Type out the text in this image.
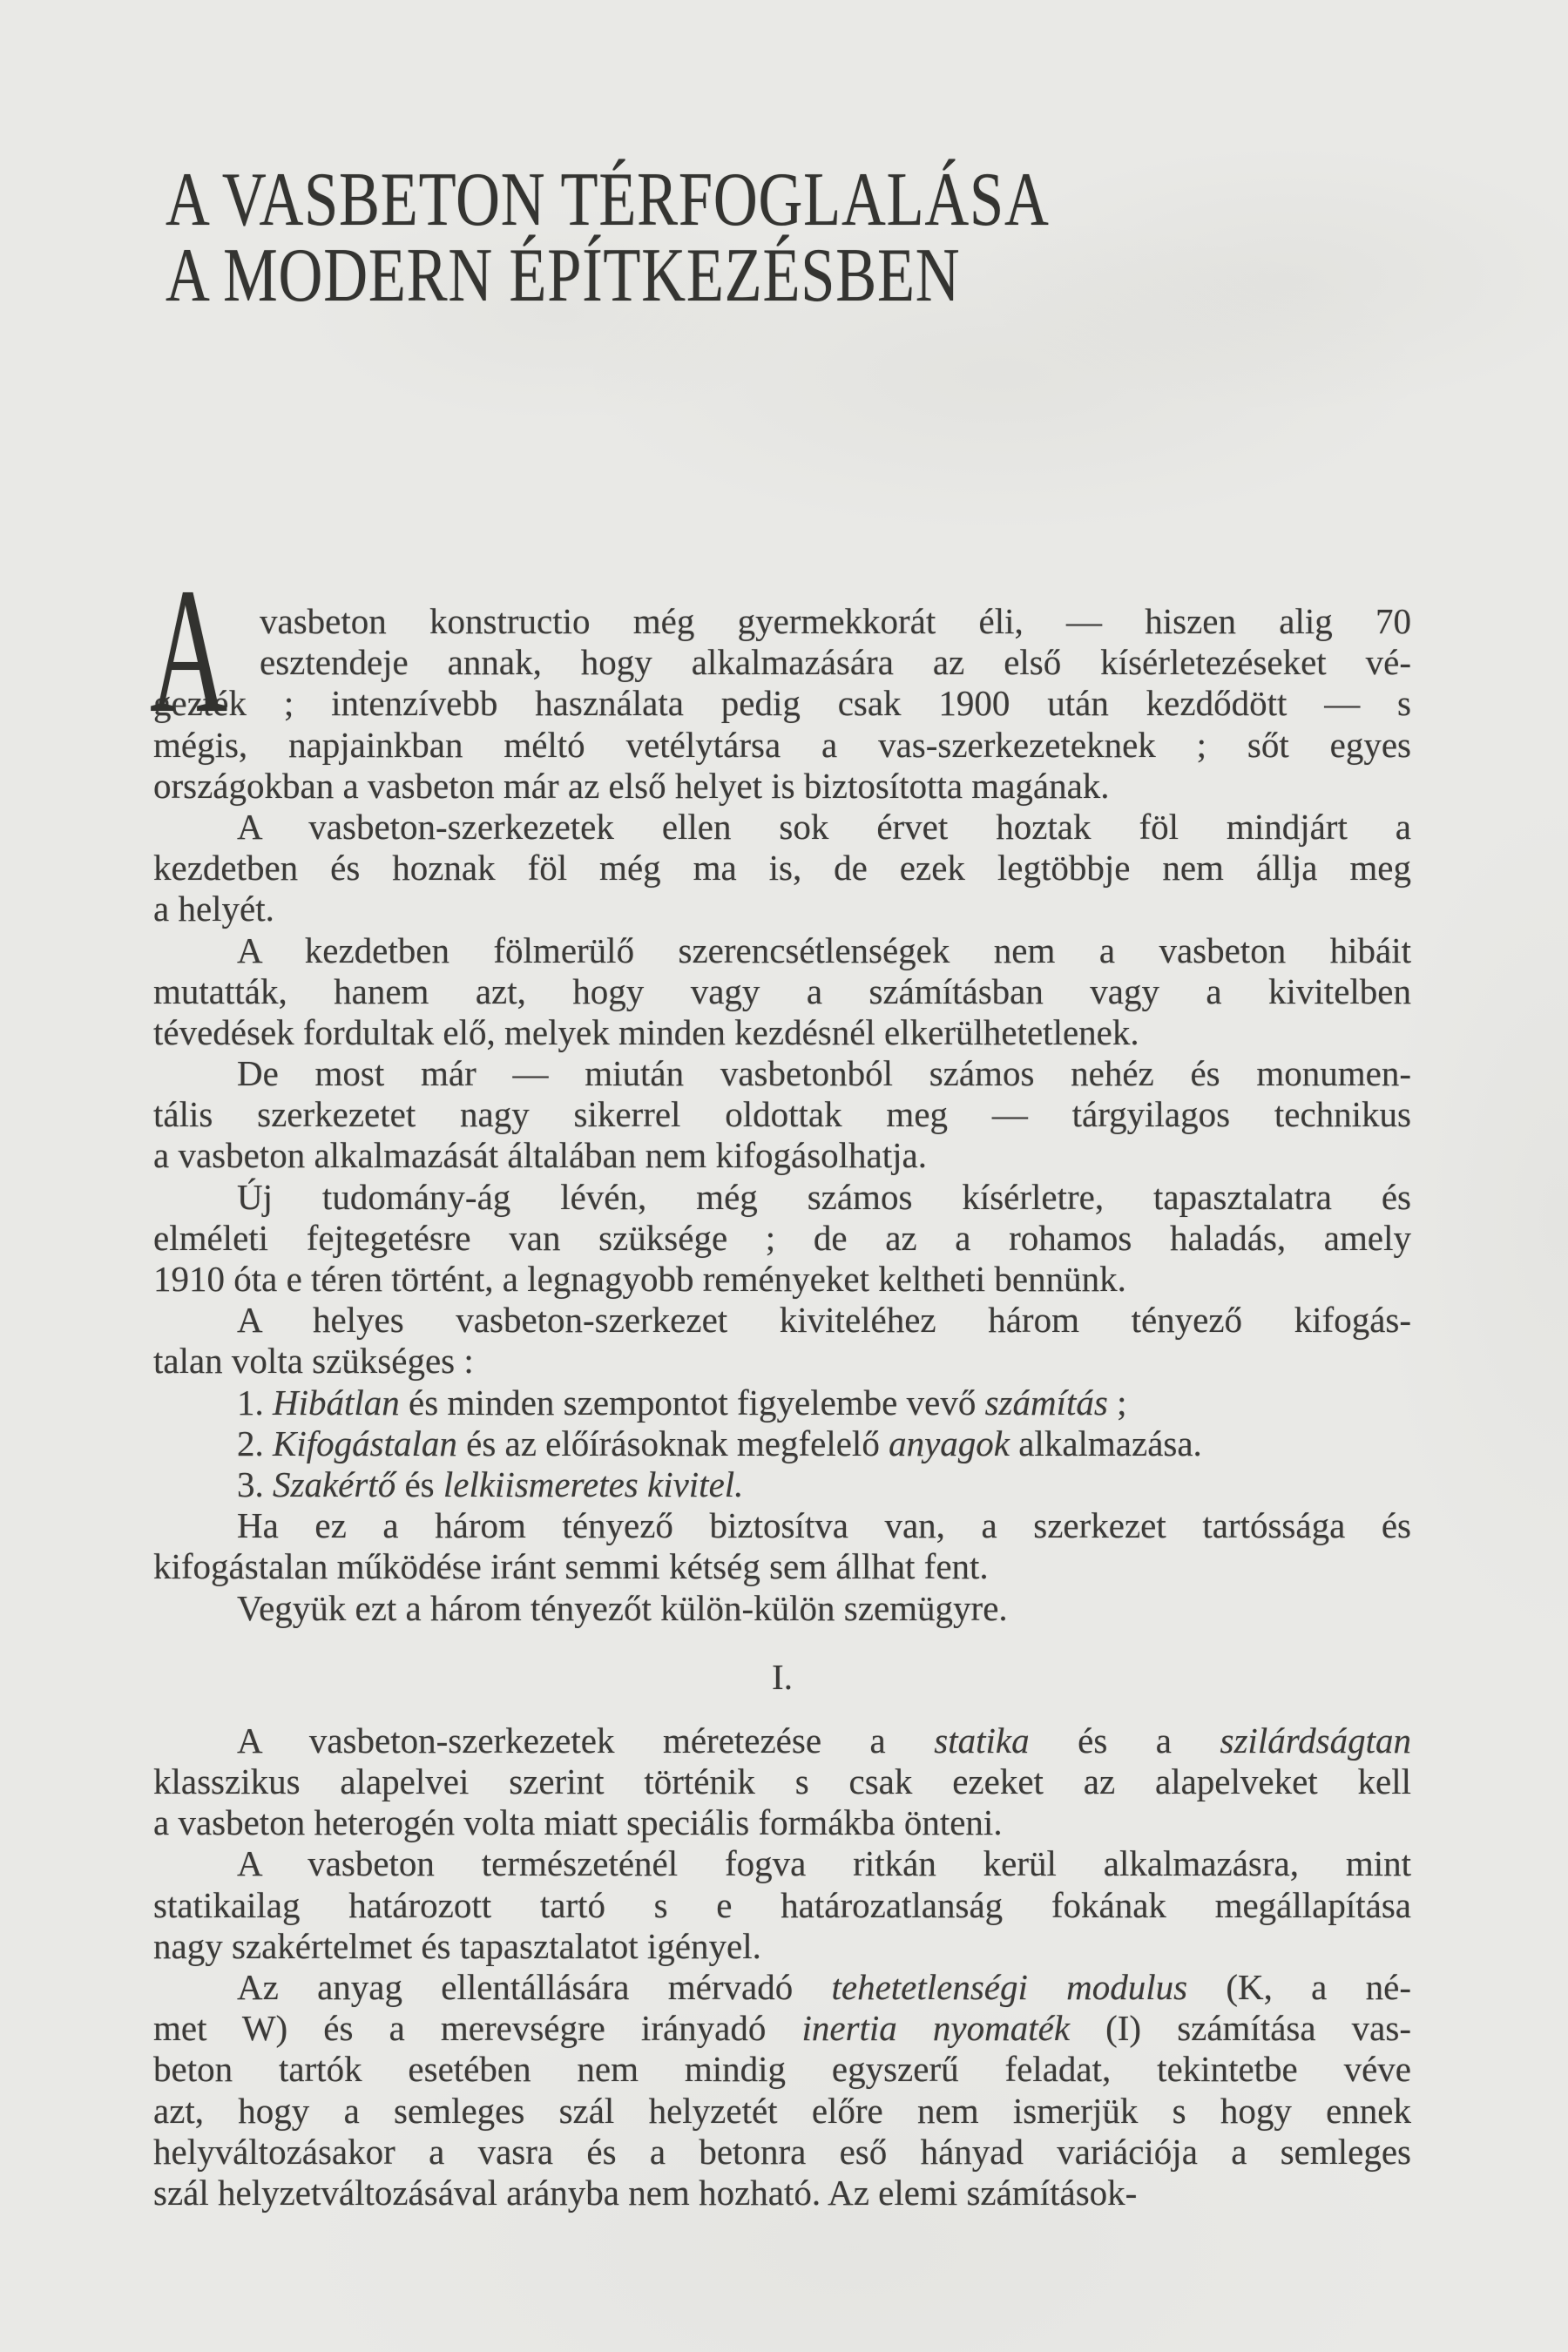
A VASBETON TÉRFOGLALÁSA
A MODERN ÉPÍTKEZÉSBEN
A vasbeton konstructio még gyermekkorát éli, — hiszen alig 70
esztendeje annak, hogy alkalmazására az első kísérletezéseket vé-
gezték ; intenzívebb használata pedig csak 1900 után kezdődött — s
mégis, napjainkban méltó vetélytársa a vas-szerkezeteknek ; sőt egyes
országokban a vasbeton már az első helyet is biztosította magának.
A vasbeton-szerkezetek ellen sok érvet hoztak föl mindjárt a
kezdetben és hoznak föl még ma is, de ezek legtöbbje nem állja meg
a helyét.
A kezdetben fölmerülő szerencsétlenségek nem a vasbeton hibáit
mutatták, hanem azt, hogy vagy a számításban vagy a kivitelben
tévedések fordultak elő, melyek minden kezdésnél elkerülhetetlenek.
De most már — miután vasbetonból számos nehéz és monumen-
tális szerkezetet nagy sikerrel oldottak meg — tárgyilagos technikus
a vasbeton alkalmazását általában nem kifogásolhatja.
Új tudomány-ág lévén, még számos kísérletre, tapasztalatra és
elméleti fejtegetésre van szüksége ; de az a rohamos haladás, amely
1910 óta e téren történt, a legnagyobb reményeket keltheti bennünk.
A helyes vasbeton-szerkezet kiviteléhez három tényező kifogás-
talan volta szükséges :
1. Hibátlan és minden szempontot figyelembe vevő számítás ;
2. Kifogástalan és az előírásoknak megfelelő anyagok alkalmazása.
3. Szakértő és lelkiismeretes kivitel.
Ha ez a három tényező biztosítva van, a szerkezet tartóssága és
kifogástalan működése iránt semmi kétség sem állhat fent.
Vegyük ezt a három tényezőt külön-külön szemügyre.
I.
A vasbeton-szerkezetek méretezése a statika és a szilárdságtan
klasszikus alapelvei szerint történik s csak ezeket az alapelveket kell
a vasbeton heterogén volta miatt speciális formákba önteni.
A vasbeton természeténél fogva ritkán kerül alkalmazásra, mint
statikailag határozott tartó s e határozatlanság fokának megállapítása
nagy szakértelmet és tapasztalatot igényel.
Az anyag ellentállására mérvadó tehetetlenségi modulus (K, a né-
met W) és a merevségre irányadó inertia nyomaték (I) számítása vas-
beton tartók esetében nem mindig egyszerű feladat, tekintetbe véve
azt, hogy a semleges szál helyzetét előre nem ismerjük s hogy ennek
helyváltozásakor a vasra és a betonra eső hányad variációja a semleges
szál helyzetváltozásával arányba nem hozható. Az elemi számítások-
